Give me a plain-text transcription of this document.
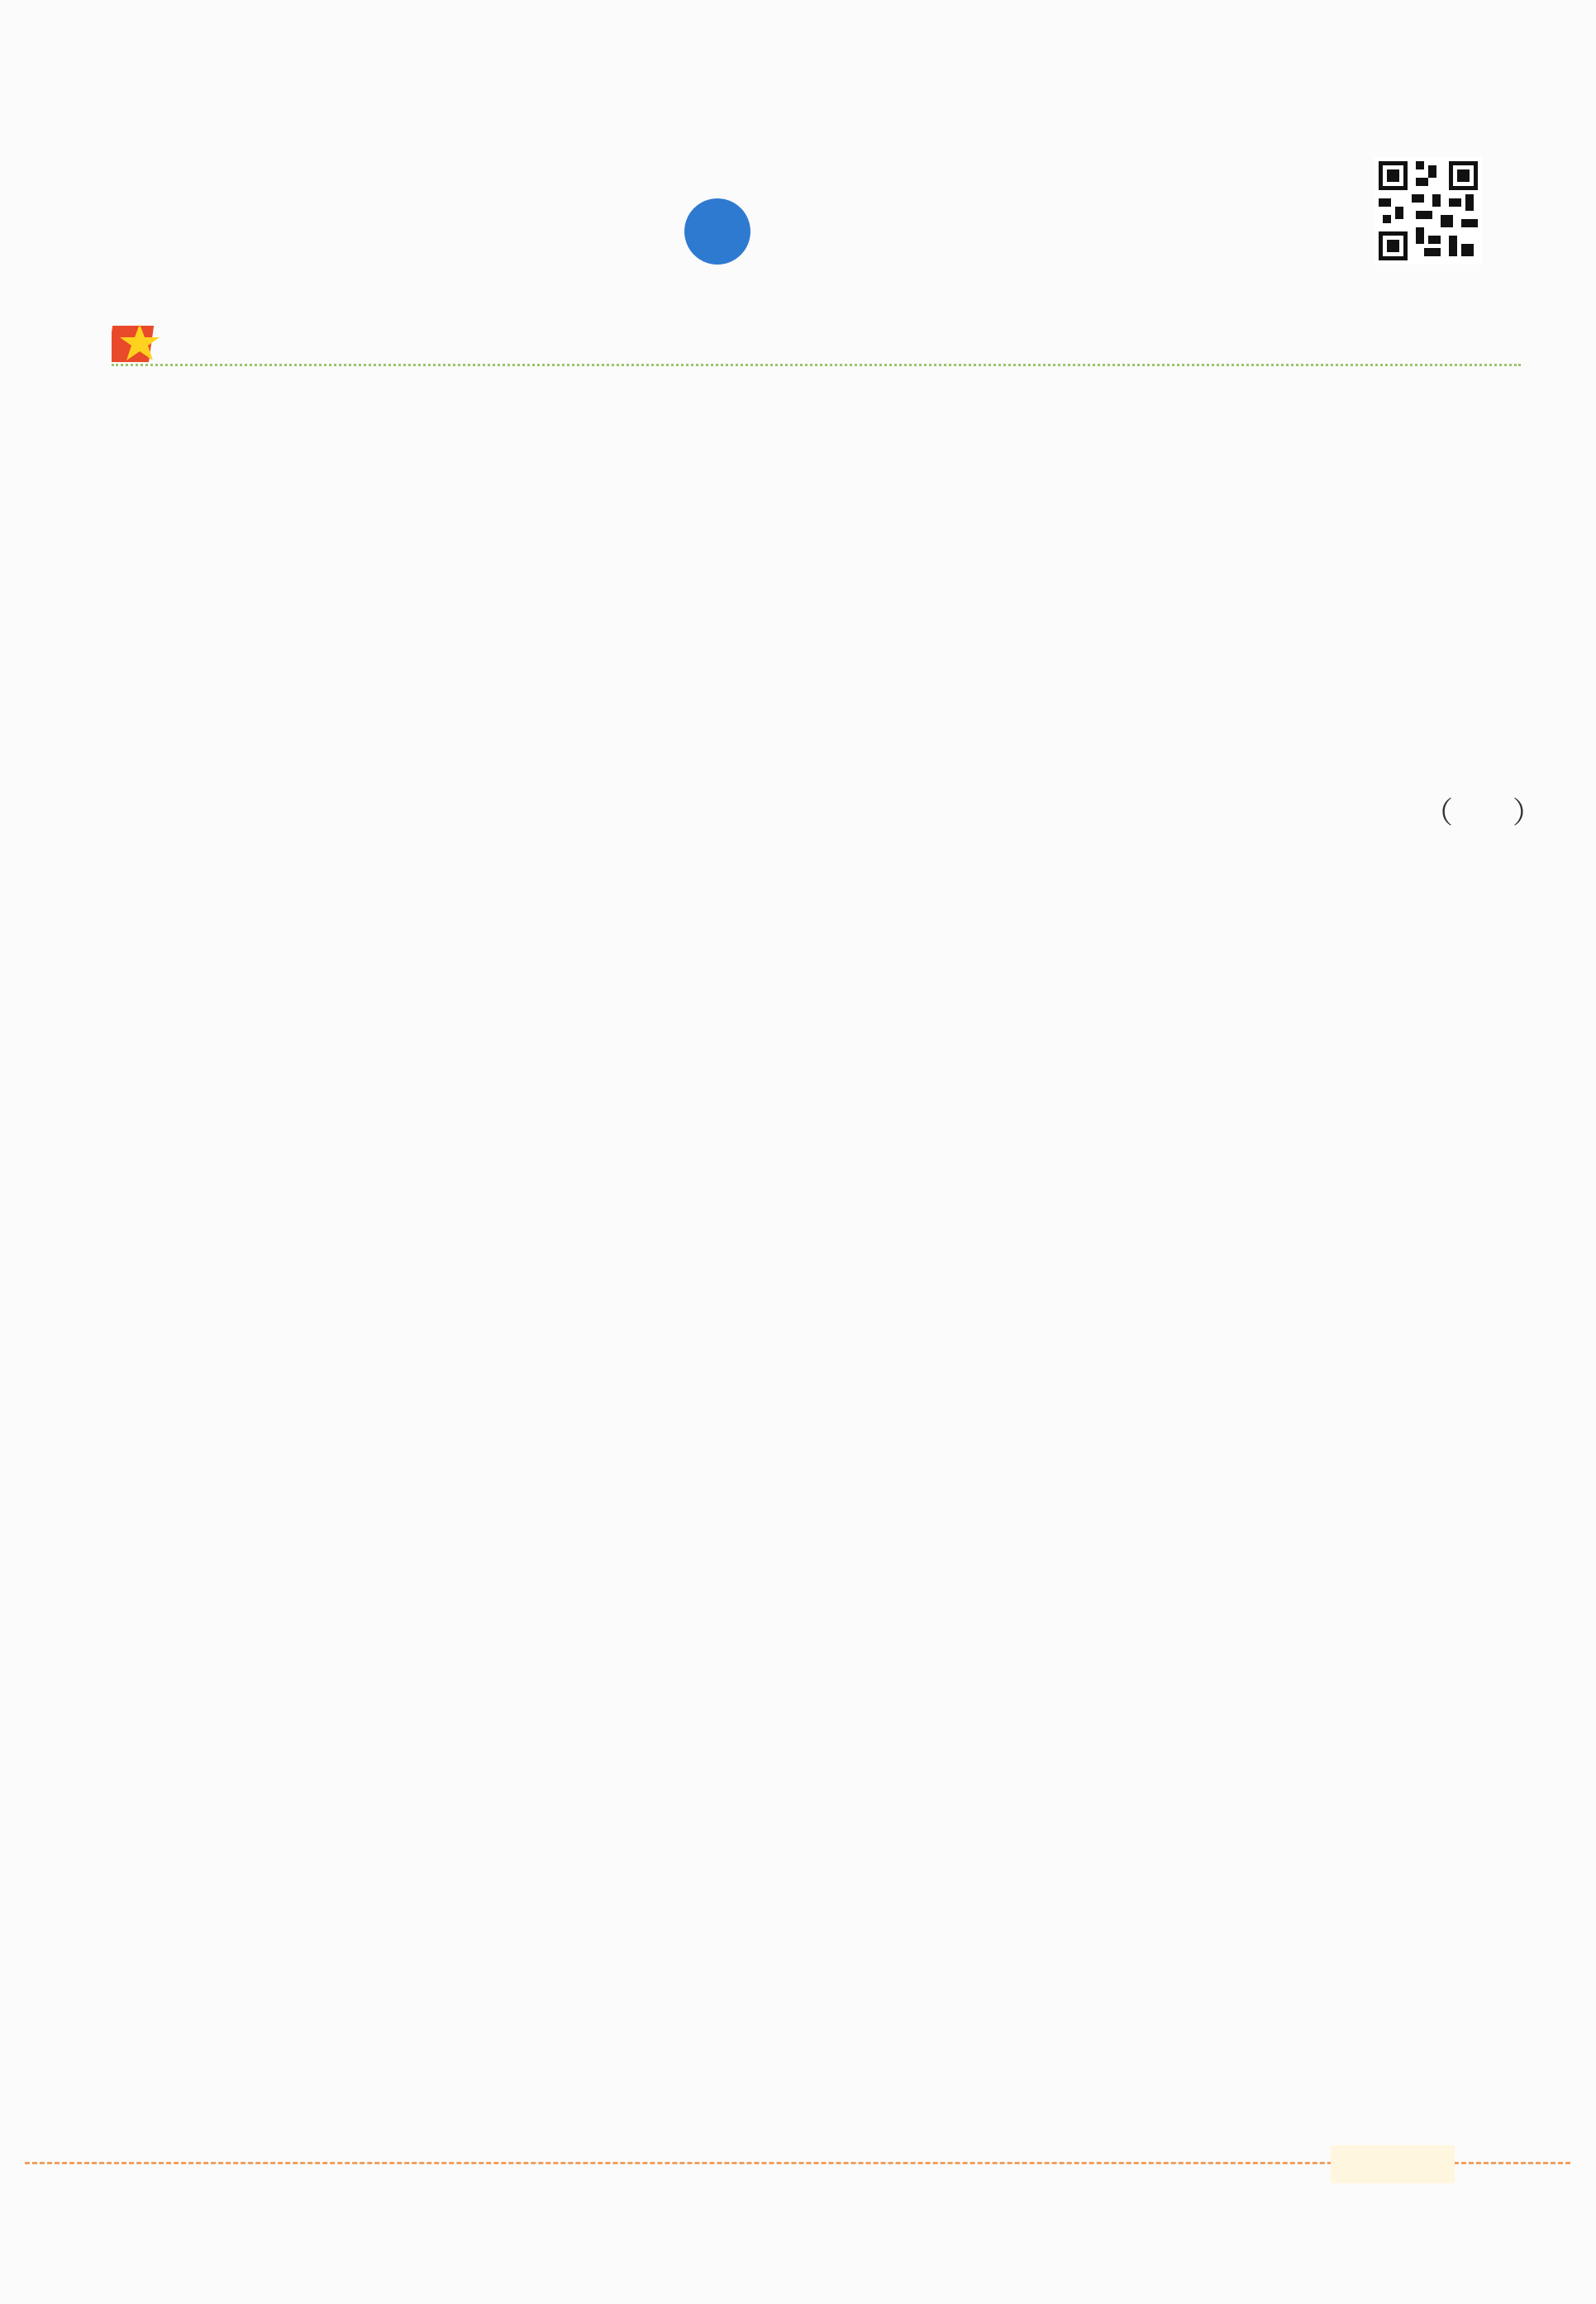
（　　）
